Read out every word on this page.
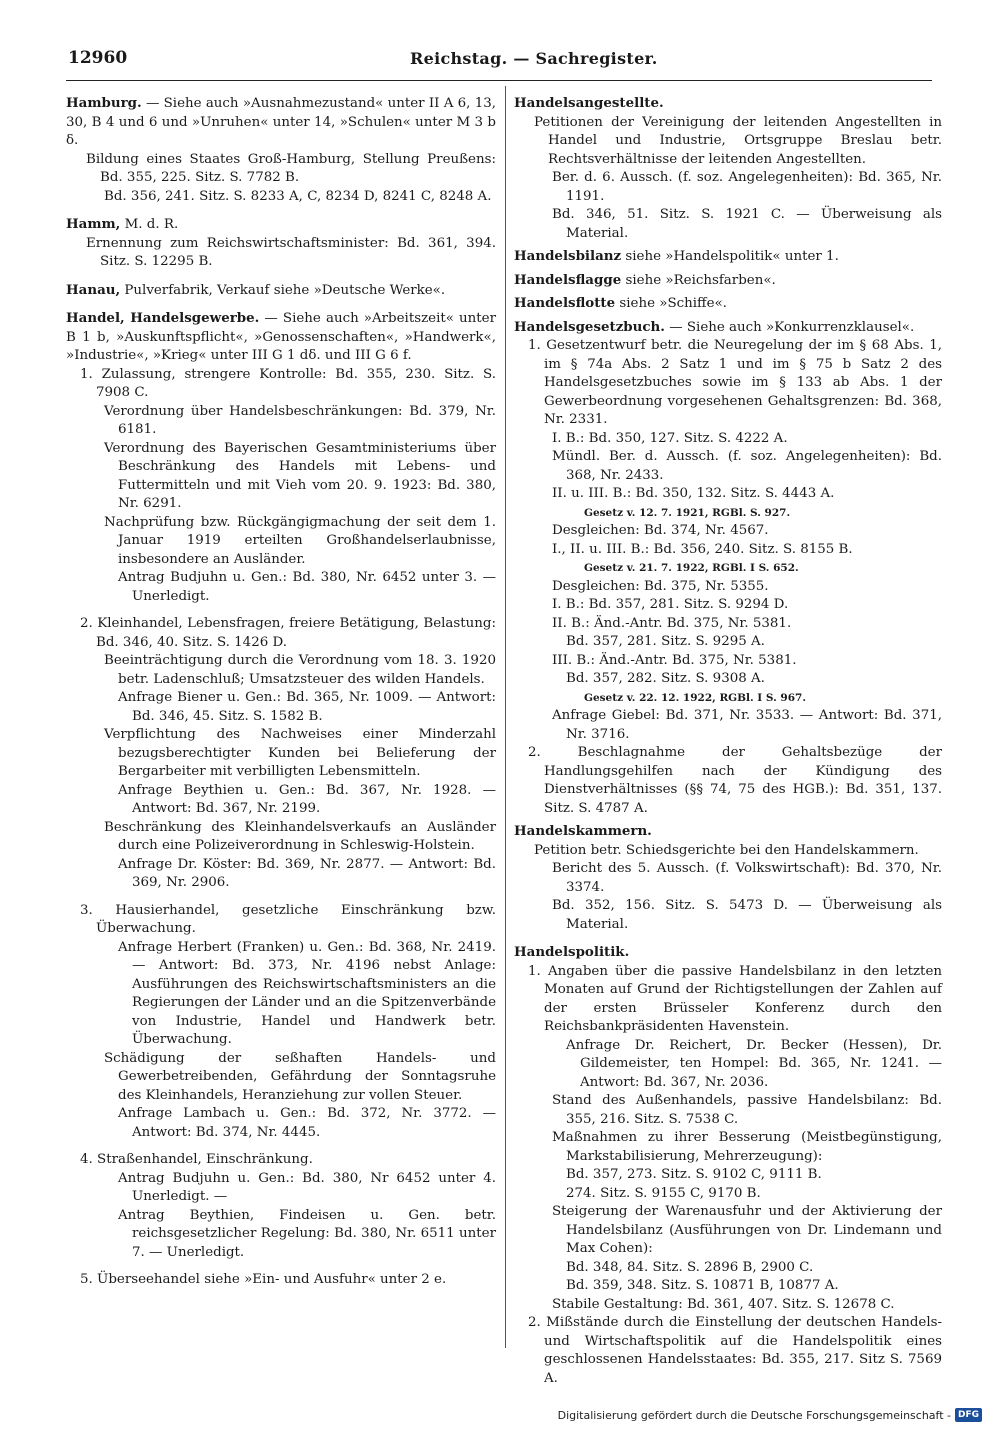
12960	Reichstag. — Sachregister.
Hamburg. — Siehe auch »Ausnahmezustand« unter II A 6, 13, 30, B 4 und 6 und »Unruhen« unter 14, »Schulen« unter M 3 b δ.
Bildung eines Staates Groß-Hamburg, Stellung Preußens: Bd. 355, 225. Sitz. S. 7782 B.
Bd. 356, 241. Sitz. S. 8233 A, C, 8234 D, 8241 C, 8248 A.
Hamm, M. d. R.
Ernennung zum Reichswirtschaftsminister: Bd. 361, 394. Sitz. S. 12295 B.
Hanau, Pulverfabrik, Verkauf siehe »Deutsche Werke«.
Handel, Handelsgewerbe. — Siehe auch »Arbeitszeit« unter B 1 b, »Auskunftspflicht«, »Genossenschaften«, »Handwerk«, »Industrie«, »Krieg« unter III G 1 dδ. und III G 6 f.
1. Zulassung, strengere Kontrolle: Bd. 355, 230. Sitz. S. 7908 C.
Verordnung über Handelsbeschränkungen: Bd. 379, Nr. 6181.
Verordnung des Bayerischen Gesamtministeriums über Beschränkung des Handels mit Lebens- und Futtermitteln und mit Vieh vom 20. 9. 1923: Bd. 380, Nr. 6291.
Nachprüfung bzw. Rückgängigmachung der seit dem 1. Januar 1919 erteilten Großhandelserlaubnisse, insbesondere an Ausländer.
Antrag Budjuhn u. Gen.: Bd. 380, Nr. 6452 unter 3. — Unerledigt.
2. Kleinhandel, Lebensfragen, freiere Betätigung, Belastung: Bd. 346, 40. Sitz. S. 1426 D.
Beeinträchtigung durch die Verordnung vom 18. 3. 1920 betr. Ladenschluß; Umsatzsteuer des wilden Handels.
Anfrage Biener u. Gen.: Bd. 365, Nr. 1009. — Antwort: Bd. 346, 45. Sitz. S. 1582 B.
Verpflichtung des Nachweises einer Minderzahl bezugsberechtigter Kunden bei Belieferung der Bergarbeiter mit verbilligten Lebensmitteln.
Anfrage Beythien u. Gen.: Bd. 367, Nr. 1928. — Antwort: Bd. 367, Nr. 2199.
Beschränkung des Kleinhandelsverkaufs an Ausländer durch eine Polizeiverordnung in Schleswig-Holstein.
Anfrage Dr. Köster: Bd. 369, Nr. 2877. — Antwort: Bd. 369, Nr. 2906.
3. Hausierhandel, gesetzliche Einschränkung bzw. Überwachung.
Anfrage Herbert (Franken) u. Gen.: Bd. 368, Nr. 2419. — Antwort: Bd. 373, Nr. 4196 nebst Anlage: Ausführungen des Reichswirtschaftsministers an die Regierungen der Länder und an die Spitzenverbände von Industrie, Handel und Handwerk betr. Überwachung.
Schädigung der seßhaften Handels- und Gewerbetreibenden, Gefährdung der Sonntagsruhe des Kleinhandels, Heranziehung zur vollen Steuer.
Anfrage Lambach u. Gen.: Bd. 372, Nr. 3772. — Antwort: Bd. 374, Nr. 4445.
4. Straßenhandel, Einschränkung.
Antrag Budjuhn u. Gen.: Bd. 380, Nr 6452 unter 4. Unerledigt. —
Antrag Beythien, Findeisen u. Gen. betr. reichsgesetzlicher Regelung: Bd. 380, Nr. 6511 unter 7. — Unerledigt.
5. Überseehandel siehe »Ein- und Ausfuhr« unter 2 e.
Handelsangestellte.
Petitionen der Vereinigung der leitenden Angestellten in Handel und Industrie, Ortsgruppe Breslau betr. Rechtsverhältnisse der leitenden Angestellten.
Ber. d. 6. Aussch. (f. soz. Angelegenheiten): Bd. 365, Nr. 1191.
Bd. 346, 51. Sitz. S. 1921 C. — Überweisung als Material.
Handelsbilanz siehe »Handelspolitik« unter 1.
Handelsflagge siehe »Reichsfarben«.
Handelsflotte siehe »Schiffe«.
Handelsgesetzbuch. — Siehe auch »Konkurrenzklausel«.
1. Gesetzentwurf betr. die Neuregelung der im § 68 Abs. 1, im § 74a Abs. 2 Satz 1 und im § 75 b Satz 2 des Handelsgesetzbuches sowie im § 133 ab Abs. 1 der Gewerbeordnung vorgesehenen Gehaltsgrenzen: Bd. 368, Nr. 2331.
I. B.: Bd. 350, 127. Sitz. S. 4222 A.
Mündl. Ber. d. Aussch. (f. soz. Angelegenheiten): Bd. 368, Nr. 2433.
II. u. III. B.: Bd. 350, 132. Sitz. S. 4443 A.
Gesetz v. 12. 7. 1921, RGBl. S. 927.
Desgleichen: Bd. 374, Nr. 4567.
I., II. u. III. B.: Bd. 356, 240. Sitz. S. 8155 B.
Gesetz v. 21. 7. 1922, RGBl. I S. 652.
Desgleichen: Bd. 375, Nr. 5355.
I. B.: Bd. 357, 281. Sitz. S. 9294 D.
II. B.: Änd.-Antr. Bd. 375, Nr. 5381.
Bd. 357, 281. Sitz. S. 9295 A.
III. B.: Änd.-Antr. Bd. 375, Nr. 5381.
Bd. 357, 282. Sitz. S. 9308 A.
Gesetz v. 22. 12. 1922, RGBl. I S. 967.
Anfrage Giebel: Bd. 371, Nr. 3533. — Antwort: Bd. 371, Nr. 3716.
2. Beschlagnahme der Gehaltsbezüge der Handlungsgehilfen nach der Kündigung des Dienstverhältnisses (§§ 74, 75 des HGB.): Bd. 351, 137. Sitz. S. 4787 A.
Handelskammern.
Petition betr. Schiedsgerichte bei den Handelskammern.
Bericht des 5. Aussch. (f. Volkswirtschaft): Bd. 370, Nr. 3374.
Bd. 352, 156. Sitz. S. 5473 D. — Überweisung als Material.
Handelspolitik.
1. Angaben über die passive Handelsbilanz in den letzten Monaten auf Grund der Richtigstellungen der Zahlen auf der ersten Brüsseler Konferenz durch den Reichsbankpräsidenten Havenstein.
Anfrage Dr. Reichert, Dr. Becker (Hessen), Dr. Gildemeister, ten Hompel: Bd. 365, Nr. 1241. — Antwort: Bd. 367, Nr. 2036.
Stand des Außenhandels, passive Handelsbilanz: Bd. 355, 216. Sitz. S. 7538 C.
Maßnahmen zu ihrer Besserung (Meistbegünstigung, Markstabilisierung, Mehrerzeugung):
Bd. 357, 273. Sitz. S. 9102 C, 9111 B.
274. Sitz. S. 9155 C, 9170 B.
Steigerung der Warenausfuhr und der Aktivierung der Handelsbilanz (Ausführungen von Dr. Lindemann und Max Cohen):
Bd. 348, 84. Sitz. S. 2896 B, 2900 C.
Bd. 359, 348. Sitz. S. 10871 B, 10877 A.
Stabile Gestaltung: Bd. 361, 407. Sitz. S. 12678 C.
2. Mißstände durch die Einstellung der deutschen Handels- und Wirtschaftspolitik auf die Handelspolitik eines geschlossenen Handelsstaates: Bd. 355, 217. Sitz S. 7569 A.
Digitalisierung gefördert durch die Deutsche Forschungsgemeinschaft - DFG
